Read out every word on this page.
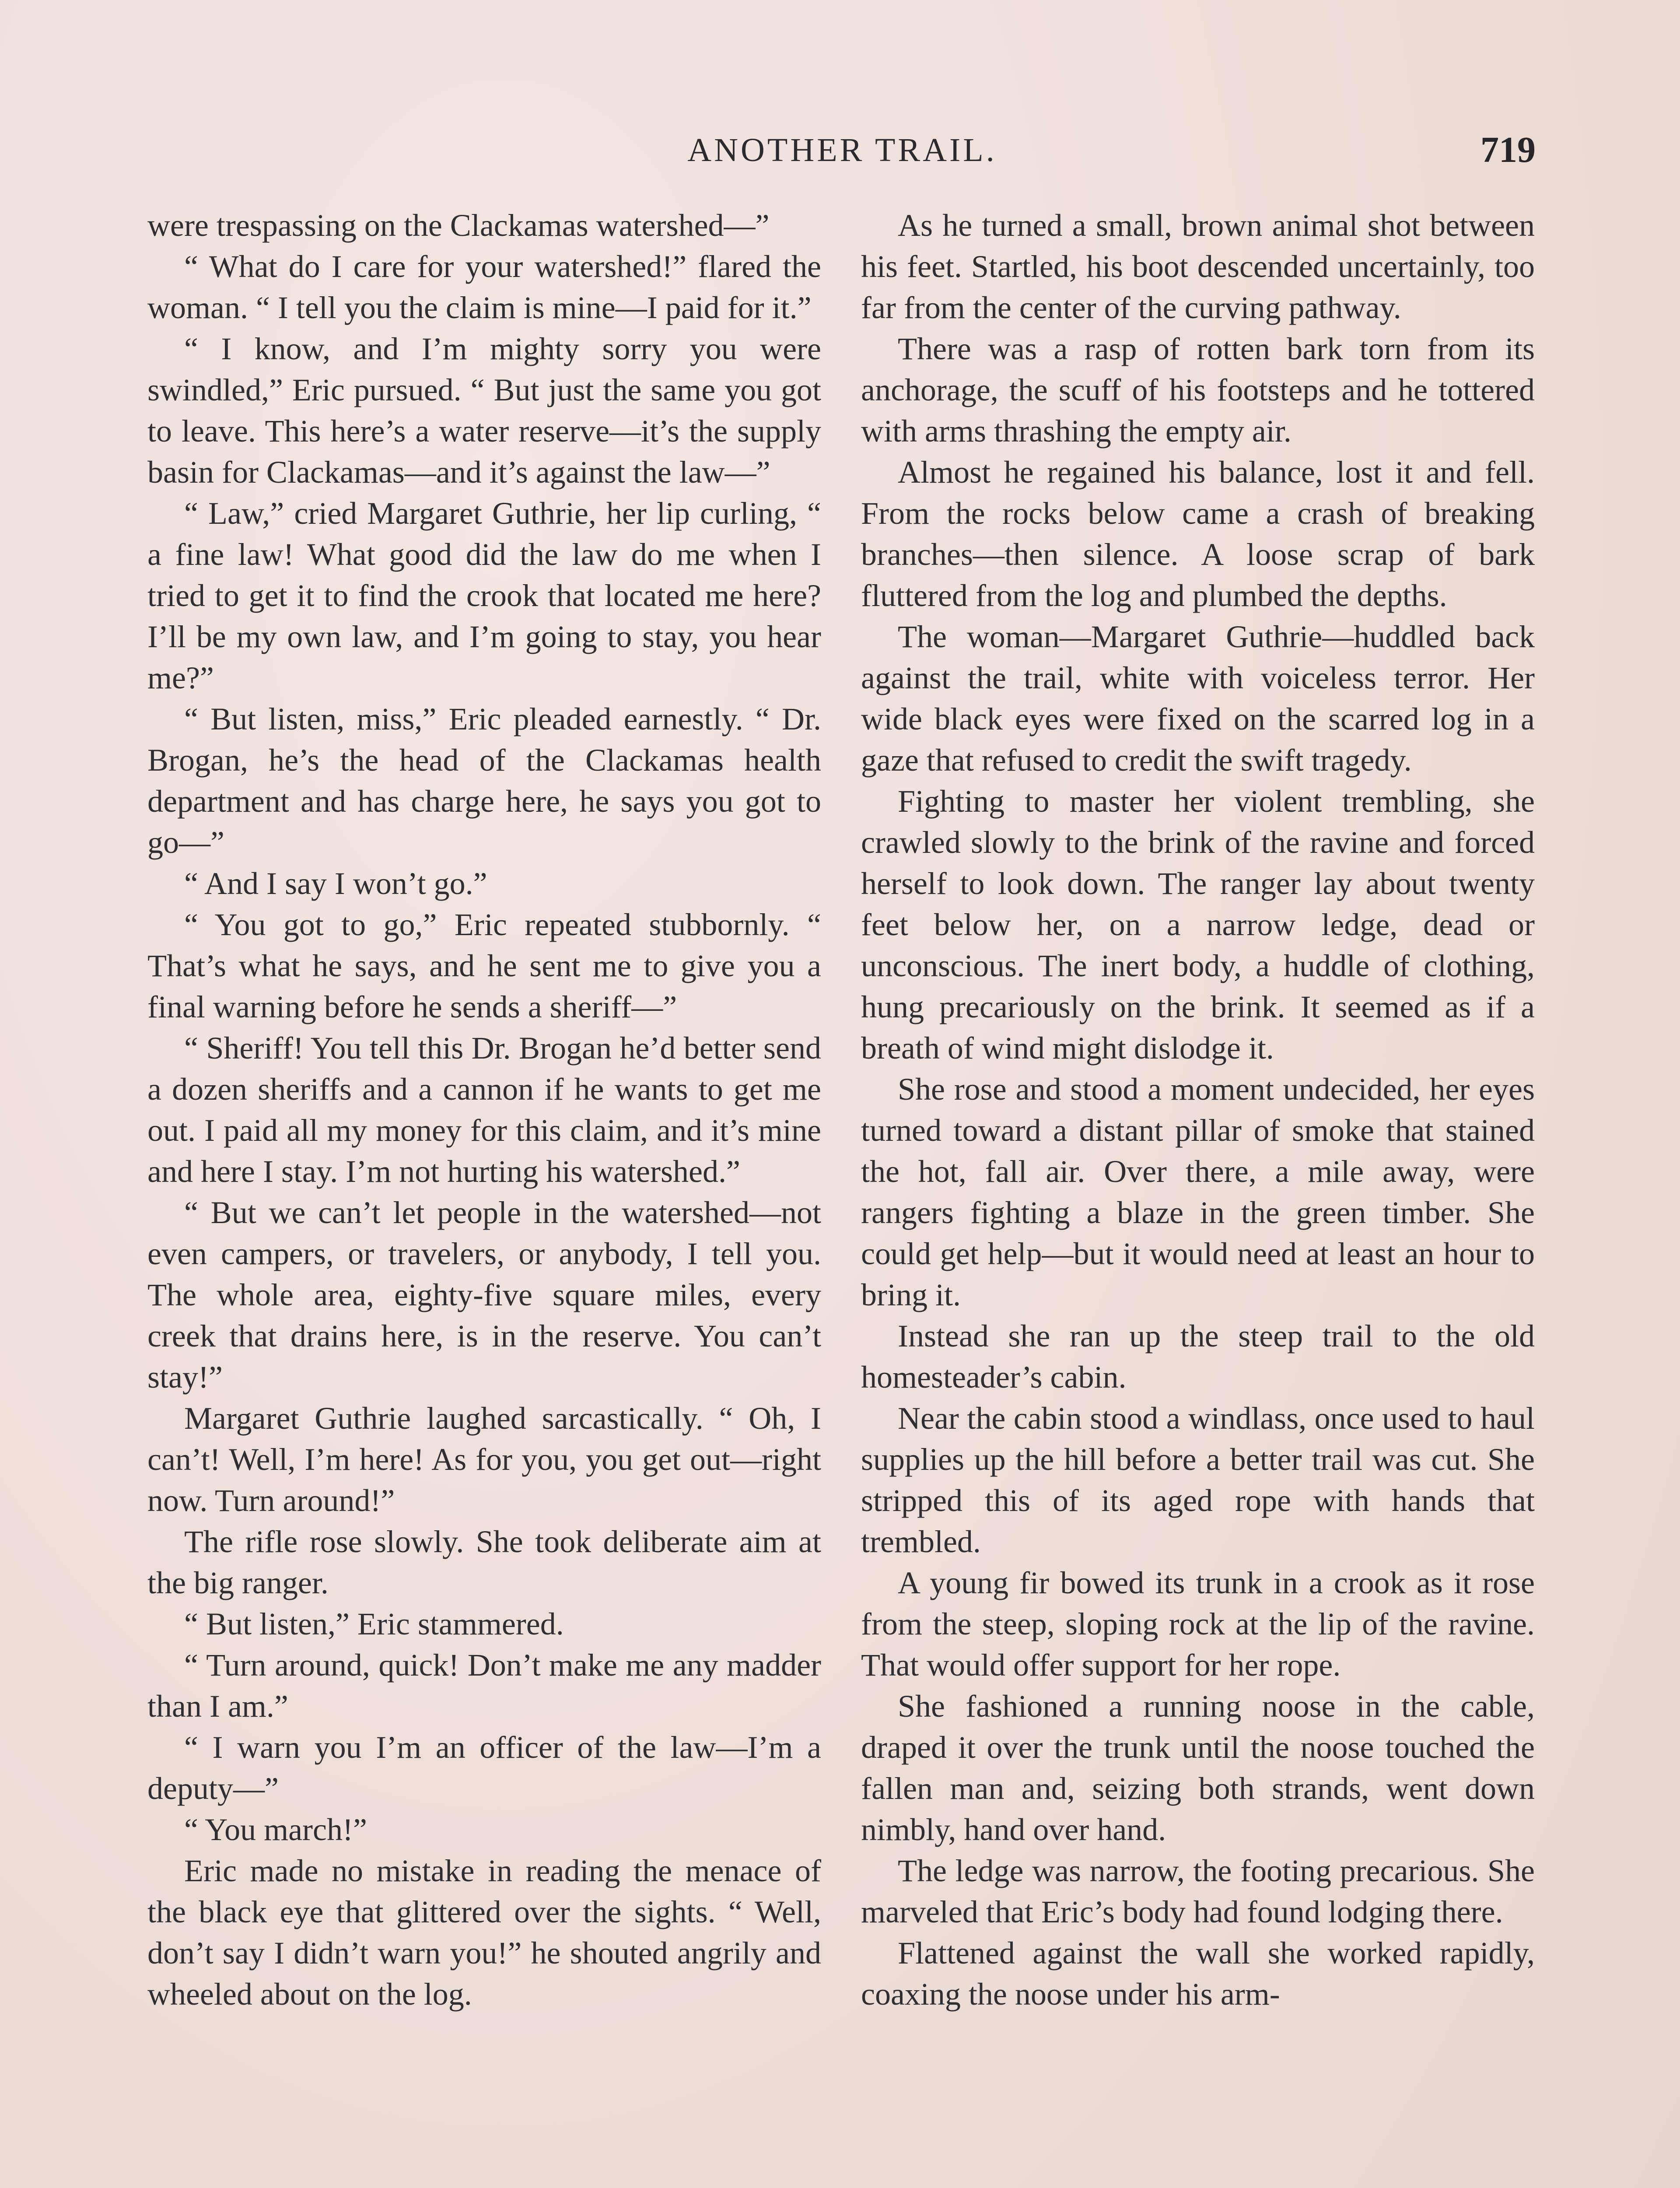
ANOTHER TRAIL.	719

were trespassing on the Clackamas watershed—”

“ What do I care for your watershed!” flared the woman. “ I tell you the claim is mine—I paid for it.”

“ I know, and I’m mighty sorry you were swindled,” Eric pursued. “ But just the same you got to leave. This here’s a water reserve—it’s the supply basin for Clackamas—and it’s against the law—”

“ Law,” cried Margaret Guthrie, her lip curling, “ a fine law! What good did the law do me when I tried to get it to find the crook that located me here? I’ll be my own law, and I’m going to stay, you hear me?”

“ But listen, miss,” Eric pleaded earnestly. “ Dr. Brogan, he’s the head of the Clackamas health department and has charge here, he says you got to go—”

“ And I say I won’t go.”

“ You got to go,” Eric repeated stubbornly. “ That’s what he says, and he sent me to give you a final warning before he sends a sheriff—”

“ Sheriff! You tell this Dr. Brogan he’d better send a dozen sheriffs and a cannon if he wants to get me out. I paid all my money for this claim, and it’s mine and here I stay. I’m not hurting his watershed.”

“ But we can’t let people in the watershed—not even campers, or travelers, or anybody, I tell you. The whole area, eighty-five square miles, every creek that drains here, is in the reserve. You can’t stay!”

Margaret Guthrie laughed sarcastically. “ Oh, I can’t! Well, I’m here! As for you, you get out—right now. Turn around!”

The rifle rose slowly. She took deliberate aim at the big ranger.

“ But listen,” Eric stammered.

“ Turn around, quick! Don’t make me any madder than I am.”

“ I warn you I’m an officer of the law—I’m a deputy—”

“ You march!”

Eric made no mistake in reading the menace of the black eye that glittered over the sights. “ Well, don’t say I didn’t warn you!” he shouted angrily and wheeled about on the log.

As he turned a small, brown animal shot between his feet. Startled, his boot descended uncertainly, too far from the center of the curving pathway.

There was a rasp of rotten bark torn from its anchorage, the scuff of his footsteps and he tottered with arms thrashing the empty air.

Almost he regained his balance, lost it and fell. From the rocks below came a crash of breaking branches—then silence. A loose scrap of bark fluttered from the log and plumbed the depths.

The woman—Margaret Guthrie—huddled back against the trail, white with voiceless terror. Her wide black eyes were fixed on the scarred log in a gaze that refused to credit the swift tragedy.

Fighting to master her violent trembling, she crawled slowly to the brink of the ravine and forced herself to look down. The ranger lay about twenty feet below her, on a narrow ledge, dead or unconscious. The inert body, a huddle of clothing, hung precariously on the brink. It seemed as if a breath of wind might dislodge it.

She rose and stood a moment undecided, her eyes turned toward a distant pillar of smoke that stained the hot, fall air. Over there, a mile away, were rangers fighting a blaze in the green timber. She could get help—but it would need at least an hour to bring it.

Instead she ran up the steep trail to the old homesteader’s cabin.

Near the cabin stood a windlass, once used to haul supplies up the hill before a better trail was cut. She stripped this of its aged rope with hands that trembled.

A young fir bowed its trunk in a crook as it rose from the steep, sloping rock at the lip of the ravine. That would offer support for her rope.

She fashioned a running noose in the cable, draped it over the trunk until the noose touched the fallen man and, seizing both strands, went down nimbly, hand over hand.

The ledge was narrow, the footing precarious. She marveled that Eric’s body had found lodging there.

Flattened against the wall she worked rapidly, coaxing the noose under his arm-
